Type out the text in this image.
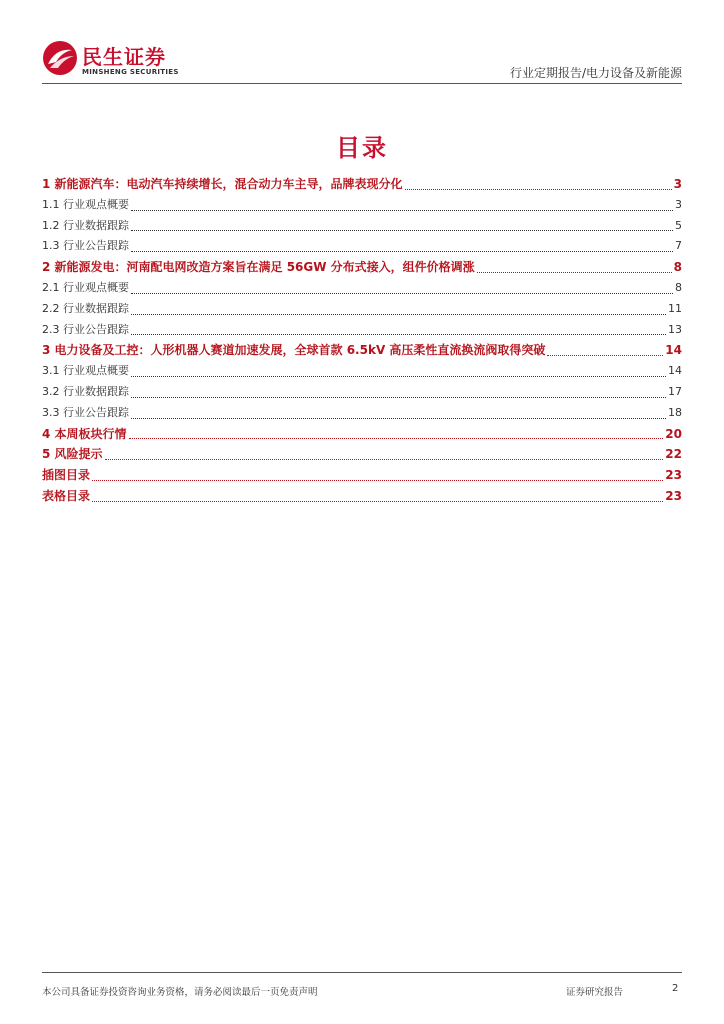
民生证券
MINSHENG SECURITIES	行业定期报告/电力设备及新能源
目录
1 新能源汽车：电动汽车持续增长，混合动力车主导，品牌表现分化	3
1.1 行业观点概要	3
1.2 行业数据跟踪	5
1.3 行业公告跟踪	7
2 新能源发电：河南配电网改造方案旨在满足 56GW 分布式接入，组件价格调涨	8
2.1 行业观点概要	8
2.2 行业数据跟踪	11
2.3 行业公告跟踪	13
3 电力设备及工控：人形机器人赛道加速发展，全球首款 6.5kV 高压柔性直流换流阀取得突破	14
3.1 行业观点概要	14
3.2 行业数据跟踪	17
3.3 行业公告跟踪	18
4 本周板块行情	20
5 风险提示	22
插图目录	23
表格目录	23
本公司具备证券投资咨询业务资格，请务必阅读最后一页免责声明	证券研究报告	2
